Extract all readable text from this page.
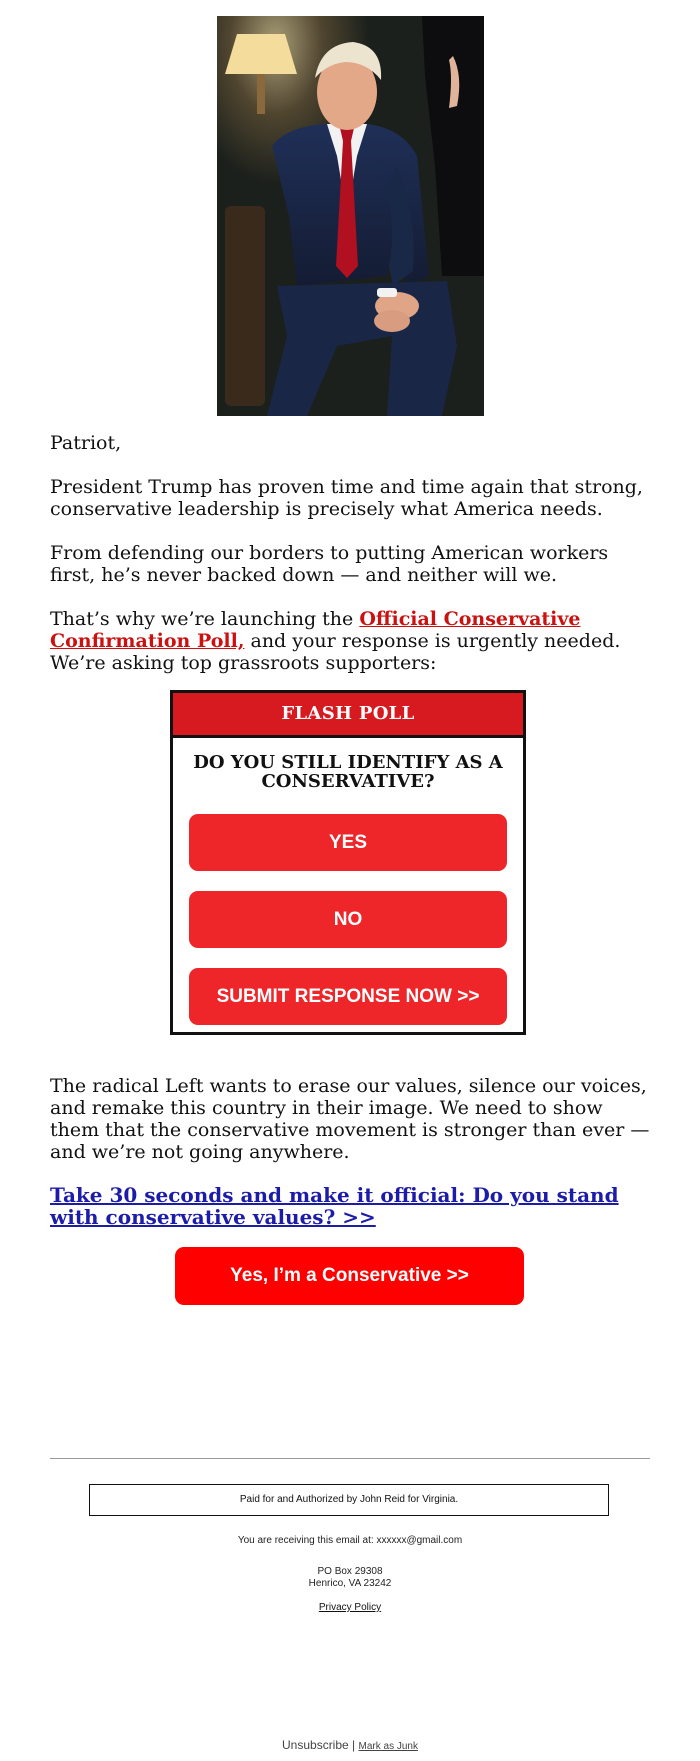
Patriot,

President Trump has proven time and time again that strong, conservative leadership is precisely what America needs.

From defending our borders to putting American workers first, he’s never backed down — and neither will we.

That’s why we’re launching the Official Conservative Confirmation Poll, and your response is urgently needed. We’re asking top grassroots supporters:

FLASH POLL
DO YOU STILL IDENTIFY AS A CONSERVATIVE?
YES
NO
SUBMIT RESPONSE NOW >>

The radical Left wants to erase our values, silence our voices, and remake this country in their image. We need to show them that the conservative movement is stronger than ever — and we’re not going anywhere.

Take 30 seconds and make it official: Do you stand with conservative values? >>
Yes, I’m a Conservative >>
Paid for and Authorized by John Reid for Virginia.
You are receiving this email at: xxxxxx@gmail.com
PO Box 29308
Henrico, VA 23242
Privacy Policy
Unsubscribe | Mark as Junk
